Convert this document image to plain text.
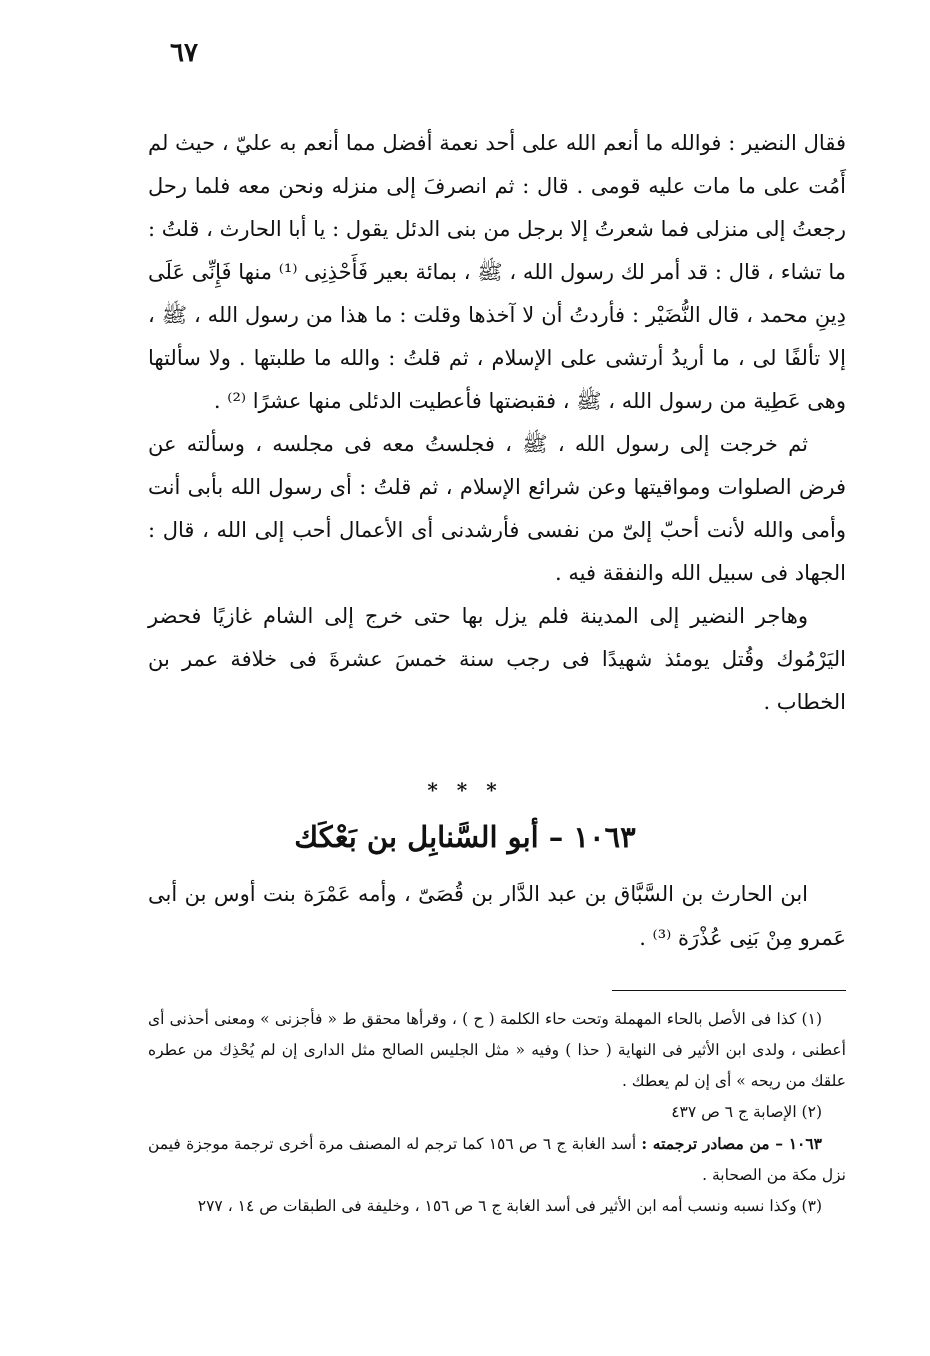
٦٧

فقال النضير : فوالله ما أنعم الله على أحد نعمة أفضل مما أنعم به عليّ ، حيث لم أَمُت على ما مات عليه قومى . قال : ثم انصرفَ إلى منزله ونحن معه فلما رحل رجعتُ إلى منزلى فما شعرتُ إلا برجل من بنى الدئل يقول : يا أبا الحارث ، قلتُ : ما تشاء ، قال : قد أمر لك رسول الله ، ﷺ ، بمائة بعير فَأَحْذِنِى ⁽¹⁾ منها فَإِنِّى عَلَى دِينِ محمد ، قال النُّضَيْر : فأردتُ أن لا آخذها وقلت : ما هذا من رسول الله ، ﷺ ، إلا تألفًا لى ، ما أريدُ أرتشى على الإسلام ، ثم قلتُ : والله ما طلبتها . ولا سألتها وهى عَطِية من رسول الله ، ﷺ ، فقبضتها فأعطيت الدئلى منها عشرًا ⁽²⁾ .

ثم خرجت إلى رسول الله ، ﷺ ، فجلستُ معه فى مجلسه ، وسألته عن فرض الصلوات ومواقيتها وعن شرائع الإسلام ، ثم قلتُ : أى رسول الله بأبى أنت وأمى والله لأنت أحبّ إلىّ من نفسى فأرشدنى أى الأعمال أحب إلى الله ، قال : الجهاد فى سبيل الله والنفقة فيه .

وهاجر النضير إلى المدينة فلم يزل بها حتى خرج إلى الشام غازيًا فحضر اليَرْمُوك وقُتل يومئذ شهيدًا فى رجب سنة خمسَ عشرةَ فى خلافة عمر بن الخطاب .

* * *
١٠٦٣ – أبو السَّنابِل بن بَعْكَك

ابن الحارث بن السَّبَّاق بن عبد الدَّار بن قُصَىّ ، وأمه عَمْرَة بنت أوس بن أبى عَمرو مِنْ بَنِى عُذْرَة ⁽³⁾ .

(١) كذا فى الأصل بالحاء المهملة وتحت حاء الكلمة ( ح ) ، وقرأها محقق ط « فأجزنى » ومعنى أحذنى أى أعطنى ، ولدى ابن الأثير فى النهاية ( حذا ) وفيه « مثل الجليس الصالح مثل الدارى إن لم يُحْذِك من عطره علقك من ريحه » أى إن لم يعطك .

(٢) الإصابة ج ٦ ص ٤٣٧

١٠٦٣ – من مصادر ترجمته : أسد الغابة ج ٦ ص ١٥٦ كما ترجم له المصنف مرة أخرى ترجمة موجزة فيمن نزل مكة من الصحابة .

(٣) وكذا نسبه ونسب أمه ابن الأثير فى أسد الغابة ج ٦ ص ١٥٦ ، وخليفة فى الطبقات ص ١٤ ، ٢٧٧
